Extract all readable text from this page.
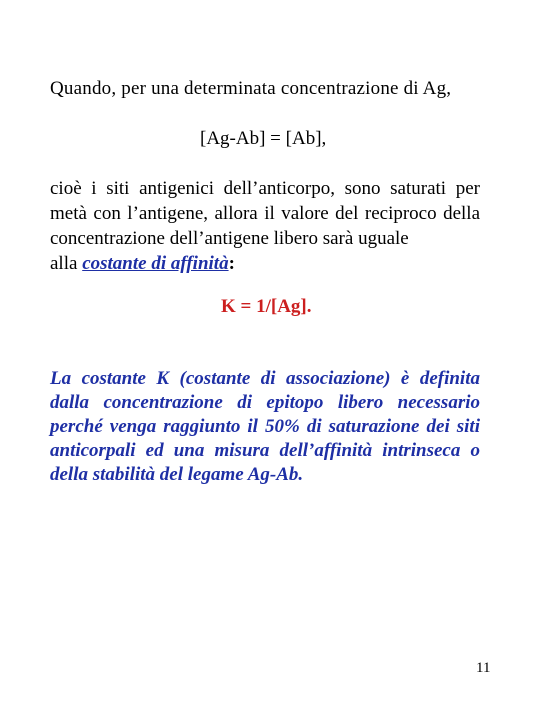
Quando, per una determinata concentrazione di Ag,
[Ag-Ab] = [Ab],
cioè i siti antigenici dell’anticorpo, sono saturati per metà con l’antigene, allora il valore del reciproco della concentrazione dell’antigene libero sarà uguale
alla costante di affinità:
K = 1/[Ag].
La costante K (costante di associazione) è definita dalla concentrazione di epitopo libero necessario perché venga raggiunto il 50% di saturazione dei siti anticorpali ed una misura dell’affinità intrinseca o della stabilità del legame Ag-Ab.
11
